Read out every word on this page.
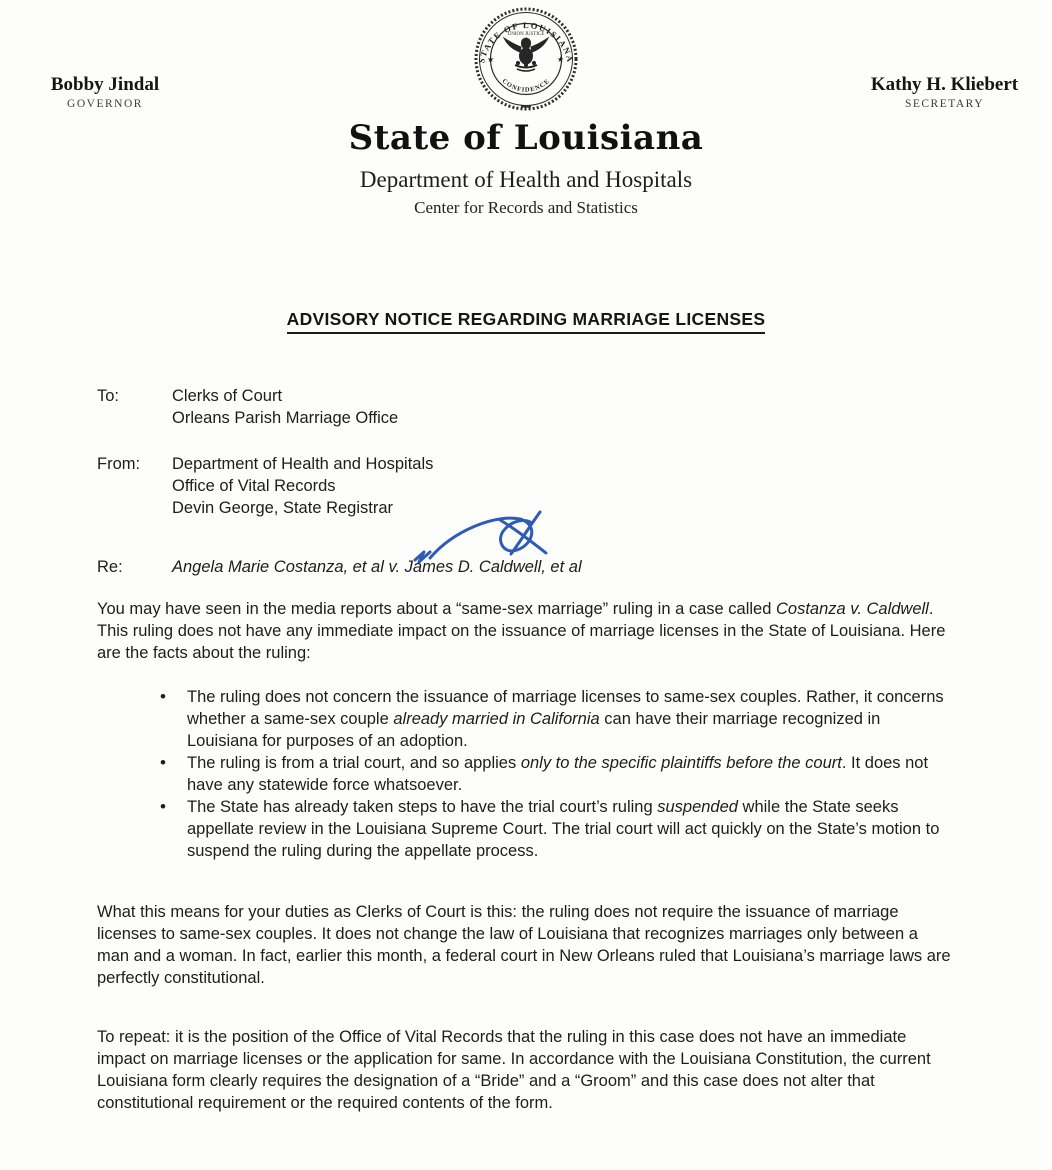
Bobby Jindal
GOVERNOR
Kathy H. Kliebert
SECRETARY
STATE OF LOUISIANA
★	★
UNION JUSTICE
CONFIDENCE
State of Louisiana
Department of Health and Hospitals
Center for Records and Statistics
ADVISORY NOTICE REGARDING MARRIAGE LICENSES
To:	Clerks of Court
Orleans Parish Marriage Office
From:	Department of Health and Hospitals
Office of Vital Records
Devin George, State Registrar
Re:	Angela Marie Costanza, et al v. James D. Caldwell, et al

You may have seen in the media reports about a “same-sex marriage” ruling in a case called Costanza v. Caldwell. This ruling does not have any immediate impact on the issuance of marriage licenses in the State of Louisiana. Here are the facts about the ruling:

• The ruling does not concern the issuance of marriage licenses to same-sex couples. Rather, it concerns whether a same-sex couple already married in California can have their marriage recognized in Louisiana for purposes of an adoption.
• The ruling is from a trial court, and so applies only to the specific plaintiffs before the court. It does not have any statewide force whatsoever.
• The State has already taken steps to have the trial court’s ruling suspended while the State seeks appellate review in the Louisiana Supreme Court. The trial court will act quickly on the State’s motion to suspend the ruling during the appellate process.

What this means for your duties as Clerks of Court is this: the ruling does not require the issuance of marriage licenses to same-sex couples. It does not change the law of Louisiana that recognizes marriages only between a man and a woman. In fact, earlier this month, a federal court in New Orleans ruled that Louisiana’s marriage laws are perfectly constitutional.

To repeat: it is the position of the Office of Vital Records that the ruling in this case does not have an immediate impact on marriage licenses or the application for same. In accordance with the Louisiana Constitution, the current Louisiana form clearly requires the designation of a “Bride” and a “Groom” and this case does not alter that constitutional requirement or the required contents of the form.
